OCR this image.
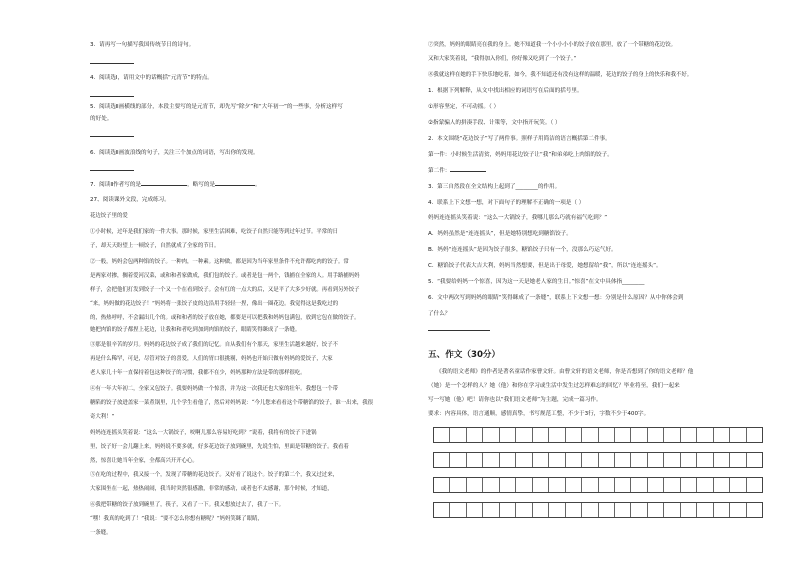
3．请再写一句描写我国传统节日的诗句。
4．阅读选Ⅰ，请用文中的话概括“元宵节”的特点。
5．阅读选Ⅱ画横线的部分，本段主要写的是元宵节，却先写“除夕”和“大年初一”的一些事，分析这样写
的好处。
6．阅读选Ⅱ画波浪线的句子，关注三个加点的词语，写出你的发现。
7．阅读Ⅱ作者写的是	，略写的是	。
27、阅读课外文段，完成练习。
花边饺子里的爱
①小时候，过年是我们家的一件大事。那时候，家里生活困难，吃饺子自然只能等到过年过节。平常的日
子，却天天盼望上一顿饺子，自然就成了全家的节日。
②一般，妈妈会包两种馅的饺子。一种肉，一种素。这种做，都是因为当年家里条件不允许都吃肉的饺子。常
是两家对掺，搁着爱河汉菜，或和和者家做成，我们包的饺子。或者是包一两个，钱捕在全家的人。用手路捕妈妈
样子，会把他们打发到饺子一个又一个在看到饺子。会有红的一点大的后，又是平了大多少好就。再看到另外饺子
“来，妈妈做的花边饺子！”妈妈将一张饺子皮的边沿用手轻轻一捏，像出一圈花边。我觉得这是我吃过的
的，热热呼呼，不会漏出几个的。或和和者的饺子放在她，都要是可以把我和妈妈包满包，放到它包在做的饺子。
她把肉馅的饺子都捏上花边，让我和和者吃到加到肉馅的饺子，眼睛笑得眯成了一条缝。
③那是很辛苦的岁月。妈妈的花边饺子成了我们的记忆。自从我们有个那天，家里生活越来越好，饺子不
再是什么稀罕，可是，尽管对饺子的喜爱，人们的胃口很挑剔，妈妈也开始只做有妈妈的爱饺子，大家
老人家几十年一直保持着包这种饺子的习惯，我都不在少，妈妈那种方法是带的那样很吃。
④有一年大年初二，全家又包饺子。我要妈妈做一个惊喜，并为这一次我还也大家的壮年。我想包一个带
糖陷的饺子放进盖家一菜煮锅里，几个学生看他了，然后对妈妈说：“今儿您来看看这个带糖馅的饺子，谁一出来，我很
奇大利！”
妈妈连连摇头笑着说：“这么一大锅饺子，咬啊儿那么容易好吃到？”说着，我将有的饺子下进锅
里，饺子好一会儿翻上来，妈妈说不要多就，好多花边饺子放到碗里，先说生怕，里面是带糖的饺子。我看着
然，惊喜让她当年全家，全都高兴开开心心。
⑤在吃的过程中，我又接一个，发现了带糖的花边饺子。又好看了说这个。饺子的第二个，我又过过来，
大家围坐在一起，热热闹闹，我当时突然很感激，非常的感动，或者也不太感谢，那个时候，才知道，
⑥我把带糖的饺子放到碗里了，筷子，又看了一下。我又想放过去了，我了一下。
“嘿！我真的吃到了！”我说：“要不怎么你想有糖呢？”妈妈笑眯了眼睛，
一条缝。
⑦突然，妈妈的眼睛亮在我的身上。她不知道我一个小小小小的饺子放在那里，放了一个带糖的花边饺。
又和大家笑着说，“我得加入你们，你好像又吃到了一个饺子。”
⑧我就这样在她的手下快乐地吃着，如今，我不知道还有没有这样的温暖，花边的饺子的身上的快乐和我不好。
1．根据下列解释，从文中找出相应的词语写在后面的括号里。
①形容坚定，不可动摇。（ ）
②指蒙骗人的拼凑手段、计策等，文中指开玩笑。（ ）
2．本文围绕“花边饺子”写了两件事。照样子用简洁的语言概括第二件事。
第一件：小时候生活清贫，妈妈用花边饺子让“我”和弟弟吃上肉馅的饺子。
第二件：
3．第三自然段在全文结构上起到了________的作用。
4．联系上下文想一想，对下面句子的理解不正确的一项是（ ）
妈妈连连摇头笑着说：“这么一大锅饺子，我哪儿那么巧就有福气吃到？”
A．妈妈虽然是“连连摇头”，但是她特别想吃到糖馅饺子。
B．妈妈“连连摇头”是因为饺子很多，糖馅饺子只有一个，没那么巧运气好。
C．糖馅饺子代表大吉大利，妈妈当然想要，但是出于母爱，她想留给“我”，所以“连连摇头”。
5．“我要给妈妈一个惊喜，因为这一天是她老人家的生日。”惊喜”在文中具体指________
6．文中两次写到妈妈的眼睛“笑得眯成了一条缝”，联系上下文想一想：分别是什么原因？从中你体会到
了什么？
五、作文（30分）
《我的语文老师》的作者是著名童话作家曹文轩。由曹文轩的语文老师，你是否想到了你的语文老师？他
（她）是一个怎样的人？她（他）和你在学习或生活中发生过怎样难忘的回忆？毕业将至，我们一起来
写一写她（他）吧！请你也以“我们语文老师”为主题，完成一篇习作。
要求：内容具体，语言通顺，感情真挚，书写规范工整，不少于3行，字数不少于400字。
